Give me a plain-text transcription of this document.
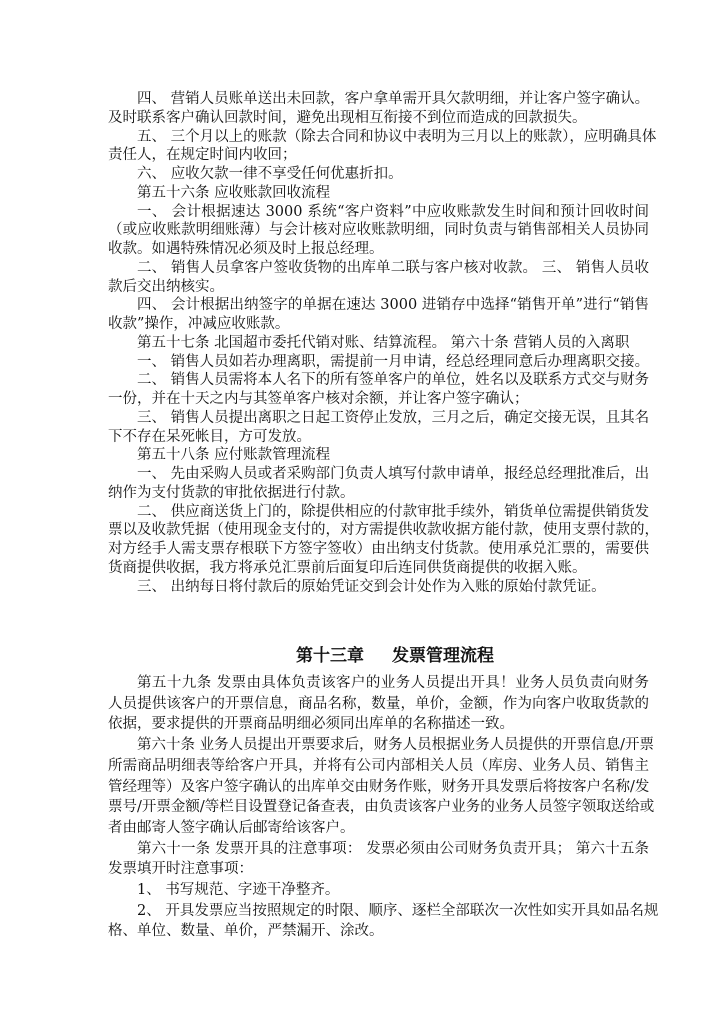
四、 营销人员账单送出未回款，客户拿单需开具欠款明细，并让客户签字确认。
及时联系客户确认回款时间，避免出现相互衔接不到位而造成的回款损失。
五、 三个月以上的账款（除去合同和协议中表明为三月以上的账款），应明确具体
责任人，在规定时间内收回；
六、 应收欠款一律不享受任何优惠折扣。
第五十六条 应收账款回收流程
一、 会计根据速达 3000 系统“客户资料”中应收账款发生时间和预计回收时间
（或应收账款明细账薄）与会计核对应收账款明细，同时负责与销售部相关人员协同
收款。如遇特殊情况必须及时上报总经理。
二、 销售人员拿客户签收货物的出库单二联与客户核对收款。 三、 销售人员收
款后交出纳核实。
四、 会计根据出纳签字的单据在速达 3000 进销存中选择“销售开单”进行“销售
收款”操作，冲减应收账款。
第五十七条 北国超市委托代销对账、结算流程。 第六十条 营销人员的入离职
一、 销售人员如若办理离职，需提前一月申请，经总经理同意后办理离职交接。
二、 销售人员需将本人名下的所有签单客户的单位，姓名以及联系方式交与财务
一份，并在十天之内与其签单客户核对余额，并让客户签字确认；
三、 销售人员提出离职之日起工资停止发放，三月之后，确定交接无误，且其名
下不存在呆死帐目，方可发放。
第五十八条 应付账款管理流程
一、 先由采购人员或者采购部门负责人填写付款申请单，报经总经理批准后，出
纳作为支付货款的审批依据进行付款。
二、 供应商送货上门的，除提供相应的付款审批手续外，销货单位需提供销货发
票以及收款凭据（使用现金支付的，对方需提供收款收据方能付款，使用支票付款的，
对方经手人需支票存根联下方签字签收）由出纳支付货款。使用承兑汇票的，需要供
货商提供收据，我方将承兑汇票前后面复印后连同供货商提供的收据入账。
三、 出纳每日将付款后的原始凭证交到会计处作为入账的原始付款凭证。
第十三章 发票管理流程
第五十九条 发票由具体负责该客户的业务人员提出开具！业务人员负责向财务
人员提供该客户的开票信息，商品名称，数量，单价，金额，作为向客户收取货款的
依据，要求提供的开票商品明细必须同出库单的名称描述一致。
第六十条 业务人员提出开票要求后，财务人员根据业务人员提供的开票信息/开票
所需商品明细表等给客户开具，并将有公司内部相关人员（库房、业务人员、销售主
管经理等）及客户签字确认的出库单交由财务作账，财务开具发票后将按客户名称/发
票号/开票金额/等栏目设置登记备查表，由负责该客户业务的业务人员签字领取送给或
者由邮寄人签字确认后邮寄给该客户。
第六十一条 发票开具的注意事项： 发票必须由公司财务负责开具； 第六十五条
发票填开时注意事项：
1、 书写规范、字迹干净整齐。
2、 开具发票应当按照规定的时限、顺序、逐栏全部联次一次性如实开具如品名规
格、单位、数量、单价，严禁漏开、涂改。
